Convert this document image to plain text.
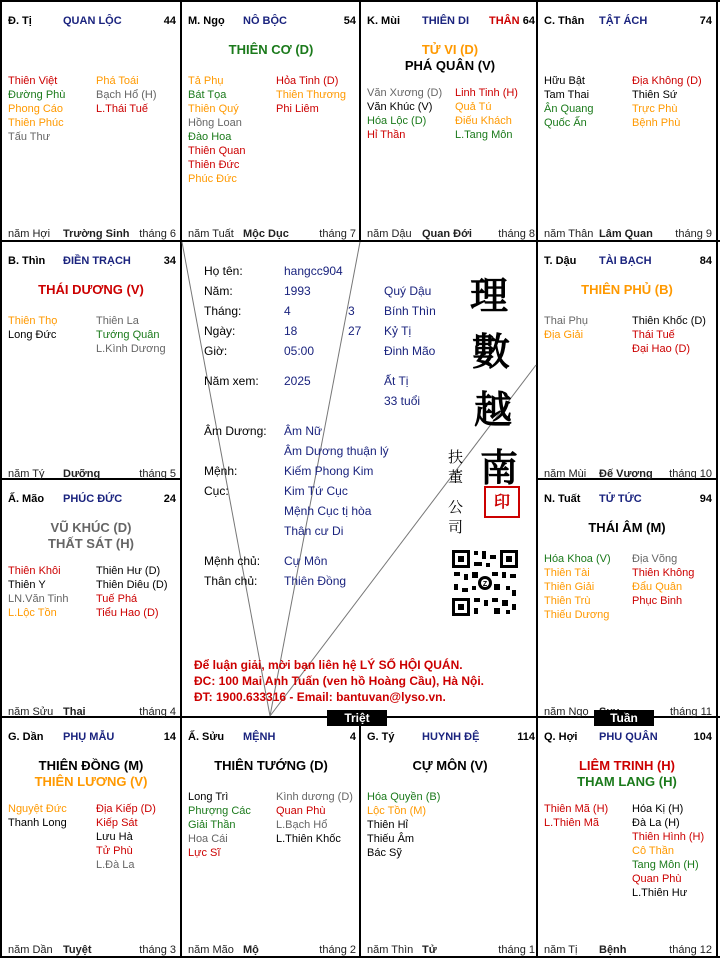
Đ. Tị	QUAN LỘC	44
Thiên Việt
Đường Phù
Phong Cáo
Thiên Phúc
Tấu Thư
Phá Toái
Bạch Hổ (H)
L.Thái Tuế
năm Hợi Trường Sinh tháng 6
M. Ngọ NÔ BỘC	54
THIÊN CƠ (D)
Tả Phụ
Bát Tọa
Thiên Quý
Hồng Loan
Đào Hoa
Thiên Quan
Thiên Đức
Phúc Đức
Hỏa Tinh (D)
Thiên Thương
Phi Liêm
năm Tuất Mộc Dục	tháng 7
K. Mùi THIÊN DI THÂN 64
TỬ VI (D)
PHÁ QUÂN (V)
Văn Xương (D)
Văn Khúc (V)
Hóa Lộc (D)
Hỉ Thần
Linh Tinh (H)
Quả Tú
Điếu Khách
L.Tang Môn
năm Dậu Quan Đới tháng 8
C. Thân TẬT ÁCH	74
Hữu Bật
Tam Thai
Ân Quang
Quốc Ấn
Địa Không (D)
Thiên Sứ
Trực Phù
Bệnh Phù
năm Thân Lâm Quan tháng 9
B. Thìn ĐIỀN TRẠCH	34
THÁI DƯƠNG (V)
Thiên Thọ
Long Đức
Thiên La
Tướng Quân
L.Kình Dương
năm Tý Dưỡng	tháng 5
T. Dậu TÀI BẠCH	84
THIÊN PHỦ (B)
Thai Phụ
Địa Giải
Thiên Khốc (D)
Thái Tuế
Đại Hao (D)
năm Mùi Đế Vượng tháng 10
Ấ. Mão PHÚC ĐỨC	24
VŨ KHÚC (D)
THẤT SÁT (H)
Thiên Khôi
Thiên Y
LN.Văn Tinh
L.Lộc Tồn
Thiên Hư (D)
Thiên Diêu (D)
Tuế Phá
Tiểu Hao (D)
năm Sửu Thai	tháng 4
N. Tuất TỬ TỨC	94
THÁI ÂM (M)
Hóa Khoa (V)
Thiên Tài
Thiên Giải
Thiên Trù
Thiếu Dương
Địa Võng
Thiên Không
Đẩu Quân
Phục Binh
năm Ngọ	tháng 11
G. Dần PHỤ MẪU	14
THIÊN ĐỒNG (M)
THIÊN LƯƠNG (V)
Nguyệt Đức
Thanh Long
Địa Kiếp (D)
Kiếp Sát
Lưu Hà
Tử Phù
L.Đà La
năm Dần Tuyệt	tháng 3
Ấ. Sửu MỆNH	4
THIÊN TƯỚNG (D)
Long Trì
Phượng Các
Giải Thần
Hoa Cái
Lực Sĩ
Kình dương (D)
Quan Phù
L.Bạch Hổ
L.Thiên Khốc
năm Mão Mộ	tháng 2
G. Tý HUYNH ĐỆ	114
CỰ MÔN (V)
Hóa Quyền (B)
Lộc Tồn (M)
Thiên Hỉ
Thiếu Âm
Bác Sỹ
năm Thìn Tử	tháng 1
Q. Hợi PHU QUÂN	104
LIÊM TRINH (H)
THAM LANG (H)
Thiên Mã (H)
L.Thiên Mã
Hóa Kị (H)
Đà La (H)
Thiên Hình (H)
Cô Thần
Tang Môn (H)
Quan Phù
L.Thiên Hư
năm Tị Bệnh	tháng 12
Họ tên:	hangcc904
Năm:	1993	Quý Dậu
Tháng:	4	3 Bính Thìn
Ngày:	18	27 Kỷ Tị
Giờ:	05:00	Đinh Mão
Năm xem: 2025	Ất Tị
33 tuổi
Âm Dương: Âm Nữ
Âm Dương thuận lý
Mệnh:	Kiếm Phong Kim
Cục:	Kim Tứ Cục
Mệnh Cục tị hòa
Thân cư Di
Mệnh chủ: Cự Môn
Thân chủ: Thiên Đồng
理
數
越
南
扶
董
公
司
印
Z
Để luận giải, mời bạn liên hệ LÝ SỐ HỘI QUÁN.
ĐC: 100 Mai Anh Tuấn (ven hồ Hoàng Cầu), Hà Nội.
ĐT: 1900.633316 - Email: bantuvan@lyso.vn.
Triệt	Tuần
